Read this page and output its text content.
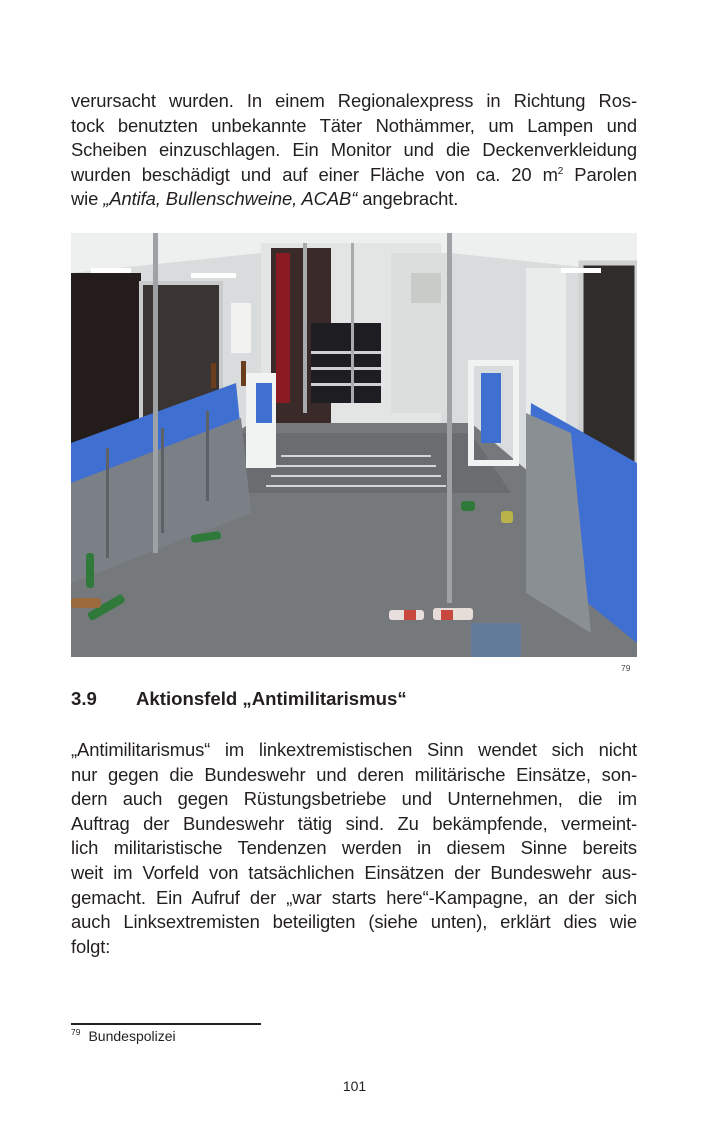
verursacht wurden. In einem Regionalexpress in Richtung Ros-
tock benutzten unbekannte Täter Nothämmer, um Lampen und
Scheiben einzuschlagen. Ein Monitor und die Deckenverkleidung
wurden beschädigt und auf einer Fläche von ca. 20 $m^2$ Parolen
wie „Antifa, Bullenschweine, ACAB“ angebracht.
79
3.9 Aktionsfeld „Antimilitarismus“
„Antimilitarismus“ im linkextremistischen Sinn wendet sich nicht
nur gegen die Bundeswehr und deren militärische Einsätze, son-
dern auch gegen Rüstungsbetriebe und Unternehmen, die im
Auftrag der Bundeswehr tätig sind. Zu bekämpfende, vermeint-
lich militaristische Tendenzen werden in diesem Sinne bereits
weit im Vorfeld von tatsächlichen Einsätzen der Bundeswehr aus-
gemacht. Ein Aufruf der „war starts here“-Kampagne, an der sich
auch Linksextremisten beteiligten (siehe unten), erklärt dies wie
folgt:
$^{79}$ Bundespolizei
101
